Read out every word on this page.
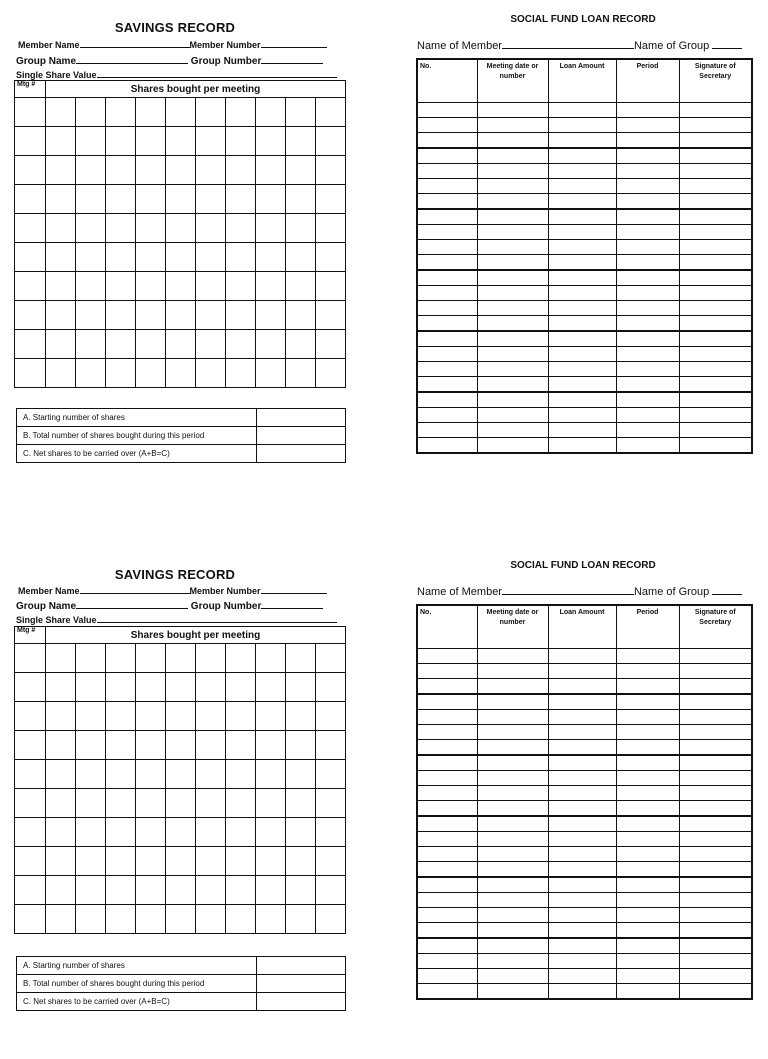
SAVINGS RECORD
Member Name	Member Number
Group Name	Group Number
Single Share Value
Mtg #	Shares bought per meeting									

A. Starting number of shares	
B. Total number of shares bought during this period	
C. Net shares to be carried over (A+B=C)	
SOCIAL FUND LOAN RECORD
Name of Member	Name of Group
No.	Meeting date or number	Loan Amount	Period	Signature of Secretary

SAVINGS RECORD
Member Name	Member Number
Group Name	Group Number
Single Share Value
Mtg #	Shares bought per meeting									

A. Starting number of shares	
B. Total number of shares bought during this period	
C. Net shares to be carried over (A+B=C)	
SOCIAL FUND LOAN RECORD
Name of Member	Name of Group
No.	Meeting date or number	Loan Amount	Period	Signature of Secretary
